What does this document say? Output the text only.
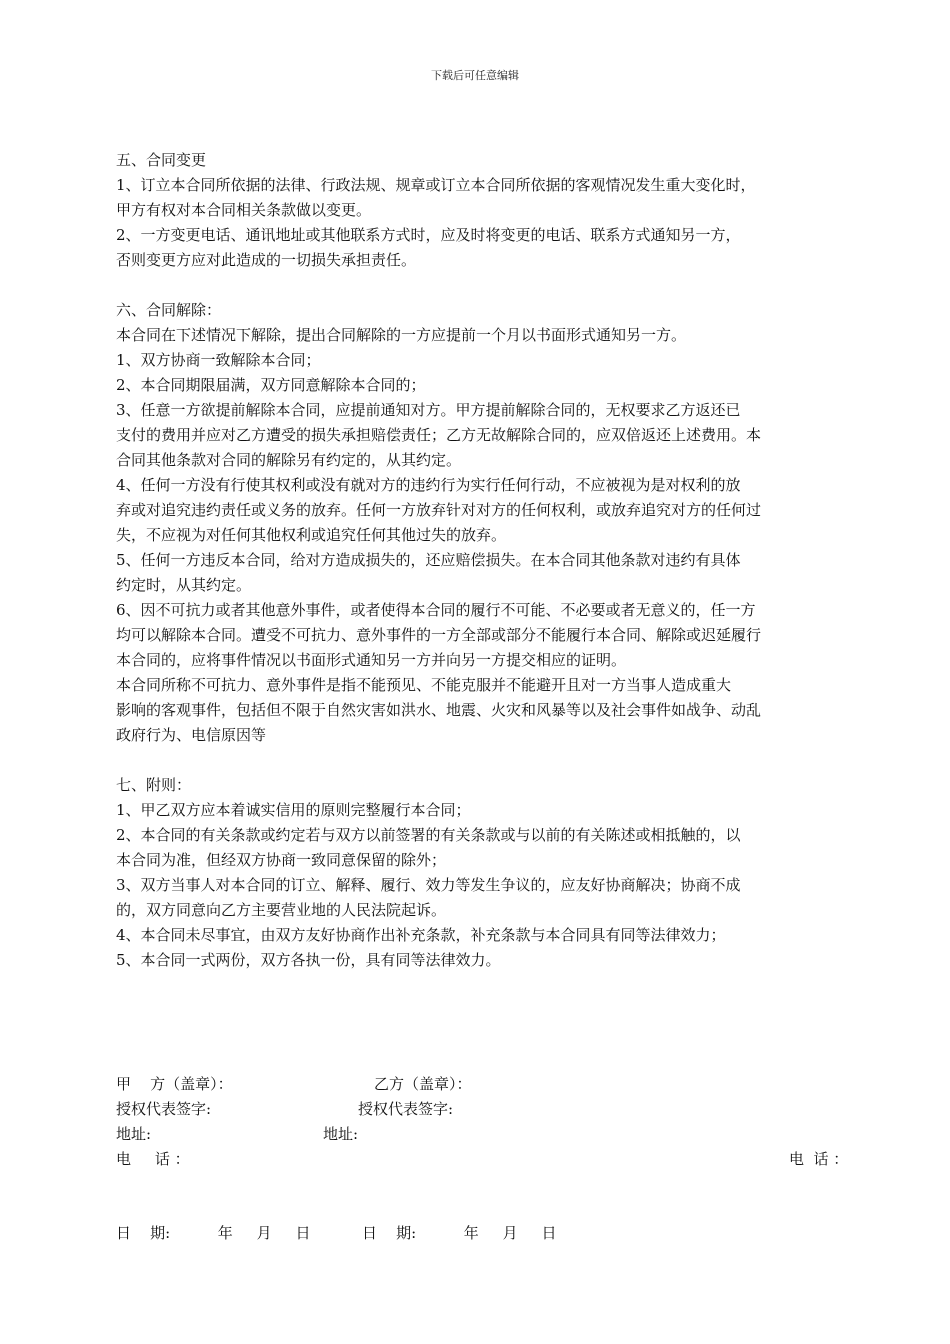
下载后可任意编辑
五、合同变更
1、订立本合同所依据的法律、行政法规、规章或订立本合同所依据的客观情况发生重大变化时，
甲方有权对本合同相关条款做以变更。
2、一方变更电话、通讯地址或其他联系方式时，应及时将变更的电话、联系方式通知另一方，
否则变更方应对此造成的一切损失承担责任。
六、合同解除：
本合同在下述情况下解除，提出合同解除的一方应提前一个月以书面形式通知另一方。
1、双方协商一致解除本合同；
2、本合同期限届满，双方同意解除本合同的；
3、任意一方欲提前解除本合同，应提前通知对方。甲方提前解除合同的，无权要求乙方返还已
支付的费用并应对乙方遭受的损失承担赔偿责任；乙方无故解除合同的，应双倍返还上述费用。本
合同其他条款对合同的解除另有约定的，从其约定。
4、任何一方没有行使其权利或没有就对方的违约行为实行任何行动，不应被视为是对权利的放
弃或对追究违约责任或义务的放弃。任何一方放弃针对对方的任何权利，或放弃追究对方的任何过
失，不应视为对任何其他权利或追究任何其他过失的放弃。
5、任何一方违反本合同，给对方造成损失的，还应赔偿损失。在本合同其他条款对违约有具体
约定时，从其约定。
6、因不可抗力或者其他意外事件，或者使得本合同的履行不可能、不必要或者无意义的，任一方
均可以解除本合同。遭受不可抗力、意外事件的一方全部或部分不能履行本合同、解除或迟延履行
本合同的，应将事件情况以书面形式通知另一方并向另一方提交相应的证明。
本合同所称不可抗力、意外事件是指不能预见、不能克服并不能避开且对一方当事人造成重大
影响的客观事件，包括但不限于自然灾害如洪水、地震、火灾和风暴等以及社会事件如战争、动乱
政府行为、电信原因等
七、附则：
1、甲乙双方应本着诚实信用的原则完整履行本合同；
2、本合同的有关条款或约定若与双方以前签署的有关条款或与以前的有关陈述或相抵触的，以
本合同为准，但经双方协商一致同意保留的除外；
3、双方当事人对本合同的订立、解释、履行、效力等发生争议的，应友好协商解决；协商不成
的，双方同意向乙方主要营业地的人民法院起诉。
4、本合同未尽事宜，由双方友好协商作出补充条款，补充条款与本合同具有同等法律效力；
5、本合同一式两份，双方各执一份，具有同等法律效力。
甲    方（盖章）：	乙方（盖章）：
授权代表签字:	授权代表签字:
地址:	地址:
电     话 ：	电  话 ：
日    期:          年     月     日	日    期:          年     月     日
